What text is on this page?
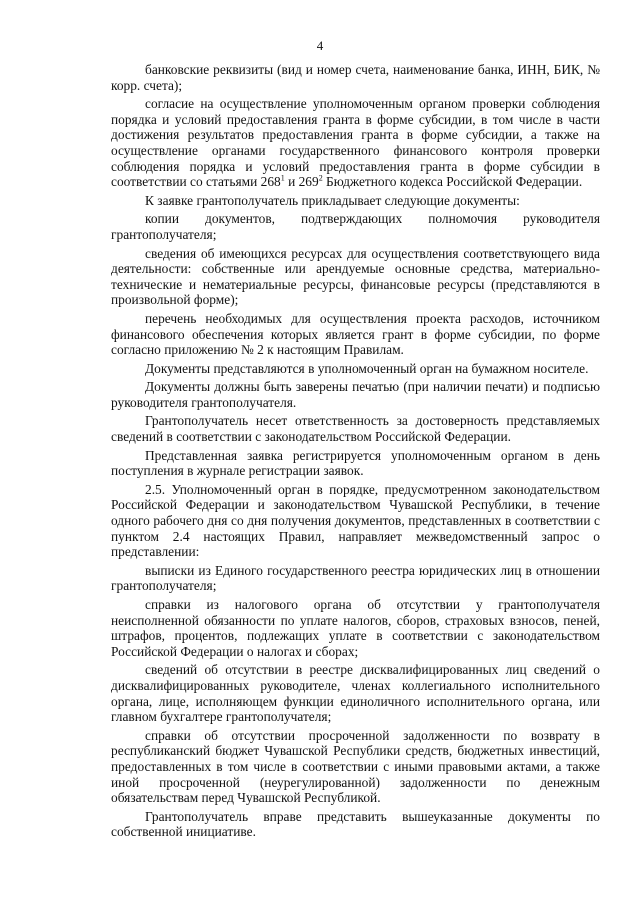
4

банковские реквизиты (вид и номер счета, наименование банка, ИНН, БИК, № корр. счета);

согласие на осуществление уполномоченным органом проверки соблюдения порядка и условий предоставления гранта в форме субсидии, в том числе в части достижения результатов предоставления гранта в форме субсидии, а также на осуществление органами государственного финансового контроля проверки соблюдения порядка и условий предоставления гранта в форме субсидии в соответствии со статьями $268^1$ и $269^2$ Бюджетного кодекса Российской Федерации.

К заявке грантополучатель прикладывает следующие документы:

копии документов, подтверждающих полномочия руководителя грантополучателя;

сведения об имеющихся ресурсах для осуществления соответствующего вида деятельности: собственные или арендуемые основные средства, материально-технические и нематериальные ресурсы, финансовые ресурсы (представляются в произвольной форме);

перечень необходимых для осуществления проекта расходов, источником финансового обеспечения которых является грант в форме субсидии, по форме согласно приложению № 2 к настоящим Правилам.

Документы представляются в уполномоченный орган на бумажном носителе.

Документы должны быть заверены печатью (при наличии печати) и подписью руководителя грантополучателя.

Грантополучатель несет ответственность за достоверность представляемых сведений в соответствии с законодательством Российской Федерации.

Представленная заявка регистрируется уполномоченным органом в день поступления в журнале регистрации заявок.

2.5. Уполномоченный орган в порядке, предусмотренном законодательством Российской Федерации и законодательством Чувашской Республики, в течение одного рабочего дня со дня получения документов, представленных в соответствии с пунктом 2.4 настоящих Правил, направляет межведомственный запрос о представлении:

выписки из Единого государственного реестра юридических лиц в отношении грантополучателя;

справки из налогового органа об отсутствии у грантополучателя неисполненной обязанности по уплате налогов, сборов, страховых взносов, пеней, штрафов, процентов, подлежащих уплате в соответствии с законодательством Российской Федерации о налогах и сборах;

сведений об отсутствии в реестре дисквалифицированных лиц сведений о дисквалифицированных руководителе, членах коллегиального исполнительного органа, лице, исполняющем функции единоличного исполнительного органа, или главном бухгалтере грантополучателя;

справки об отсутствии просроченной задолженности по возврату в республиканский бюджет Чувашской Республики средств, бюджетных инвестиций, предоставленных в том числе в соответствии с иными правовыми актами, а также иной просроченной (неурегулированной) задолженности по денежным обязательствам перед Чувашской Республикой.

Грантополучатель вправе представить вышеуказанные документы по собственной инициативе.
